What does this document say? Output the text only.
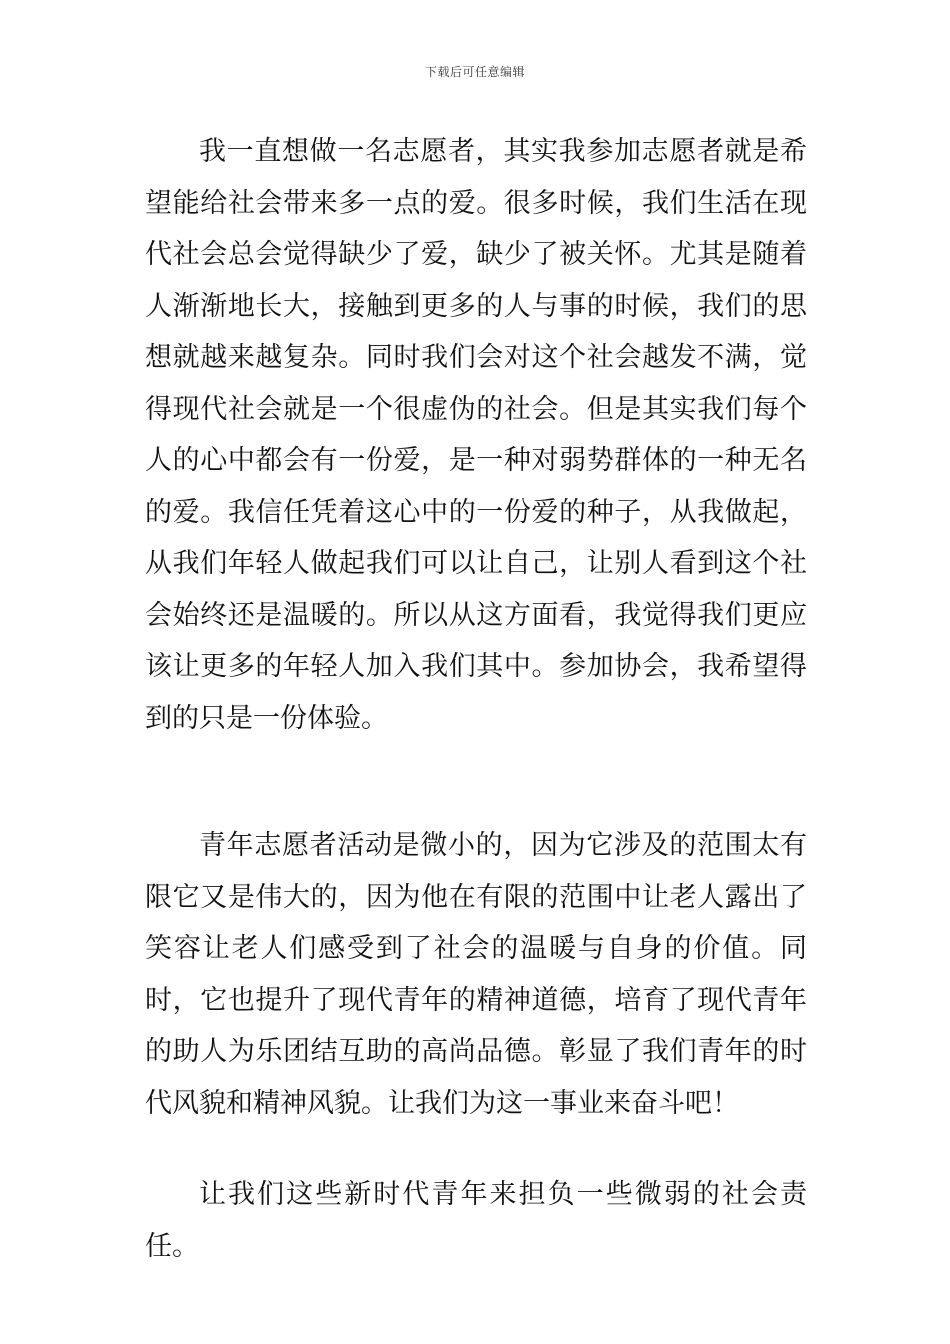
下载后可任意编辑

我一直想做一名志愿者，其实我参加志愿者就是希望能给社会带来多一点的爱。很多时候，我们生活在现代社会总会觉得缺少了爱，缺少了被关怀。尤其是随着人渐渐地长大，接触到更多的人与事的时候，我们的思想就越来越复杂。同时我们会对这个社会越发不满，觉得现代社会就是一个很虚伪的社会。但是其实我们每个人的心中都会有一份爱，是一种对弱势群体的一种无名的爱。我信任凭着这心中的一份爱的种子，从我做起，从我们年轻人做起我们可以让自己，让别人看到这个社会始终还是温暖的。所以从这方面看，我觉得我们更应该让更多的年轻人加入我们其中。参加协会，我希望得到的只是一份体验。

青年志愿者活动是微小的，因为它涉及的范围太有限它又是伟大的，因为他在有限的范围中让老人露出了笑容让老人们感受到了社会的温暖与自身的价值。同时，它也提升了现代青年的精神道德，培育了现代青年的助人为乐团结互助的高尚品德。彰显了我们青年的时代风貌和精神风貌。让我们为这一事业来奋斗吧！

让我们这些新时代青年来担负一些微弱的社会责任。
